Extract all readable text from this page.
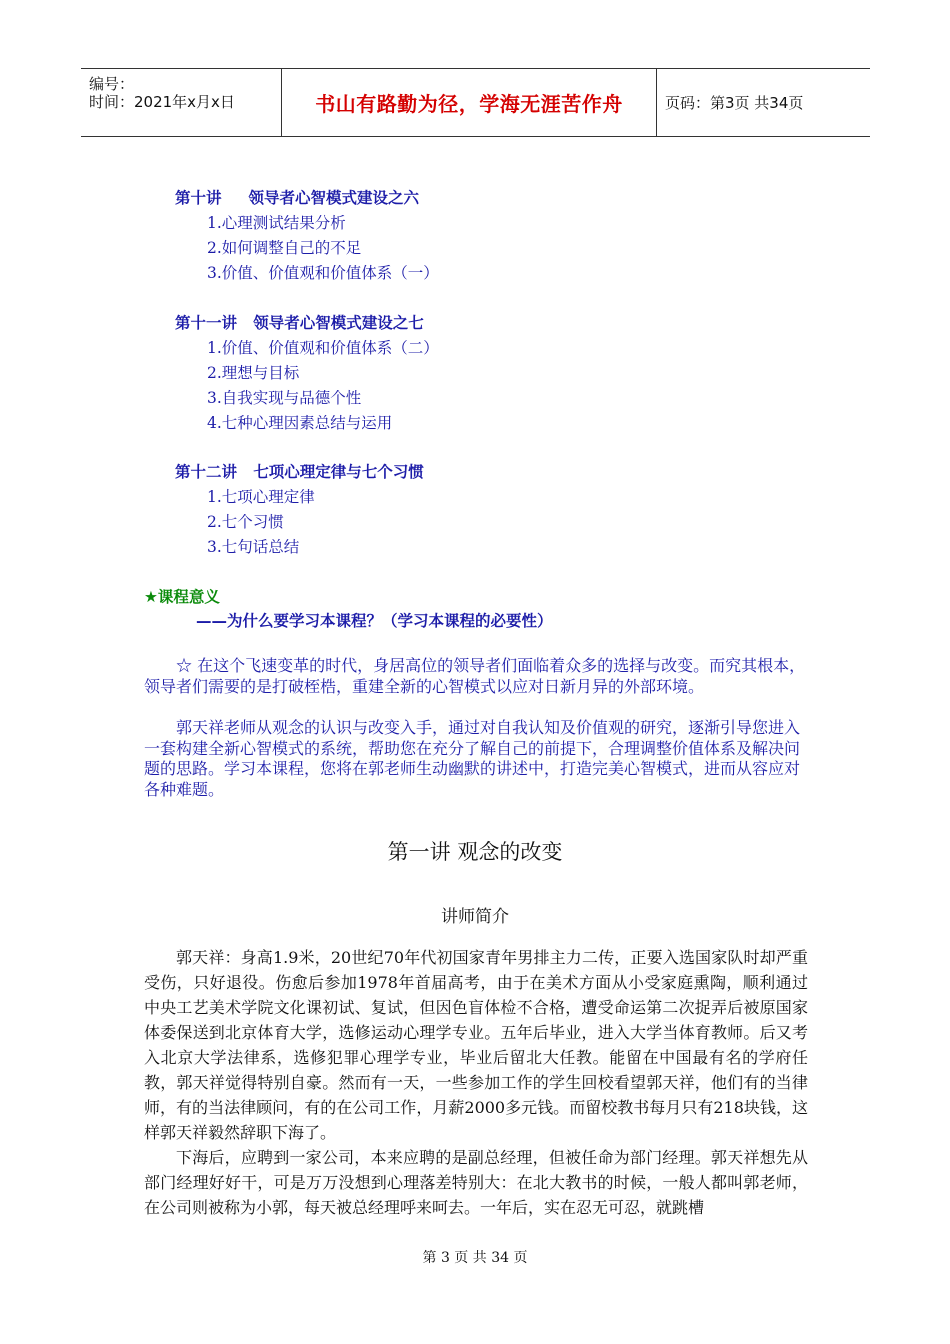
编号：
时间：2021年x月x日	书山有路勤为径，学海无涯苦作舟	页码：第3页 共34页
第十讲     领导者心智模式建设之六
1.心理测试结果分析
2.如何调整自己的不足
3.价值、价值观和价值体系（一）
第十一讲   领导者心智模式建设之七
1.价值、价值观和价值体系（二）
2.理想与目标
3.自我实现与品德个性
4.七种心理因素总结与运用
第十二讲   七项心理定律与七个习惯
1.七项心理定律
2.七个习惯
3.七句话总结
★课程意义
——为什么要学习本课程？（学习本课程的必要性）
☆ 在这个飞速变革的时代，身居高位的领导者们面临着众多的选择与改变。而究其根本，领导者们需要的是打破桎梏，重建全新的心智模式以应对日新月异的外部环境。
郭天祥老师从观念的认识与改变入手，通过对自我认知及价值观的研究，逐渐引导您进入一套构建全新心智模式的系统，帮助您在充分了解自己的前提下，合理调整价值体系及解决问题的思路。学习本课程，您将在郭老师生动幽默的讲述中，打造完美心智模式，进而从容应对各种难题。
第一讲 观念的改变
讲师简介
郭天祥：身高1.9米，20世纪70年代初国家青年男排主力二传，正要入选国家队时却严重受伤，只好退役。伤愈后参加1978年首届高考，由于在美术方面从小受家庭熏陶，顺利通过中央工艺美术学院文化课初试、复试，但因色盲体检不合格，遭受命运第二次捉弄后被原国家体委保送到北京体育大学，选修运动心理学专业。五年后毕业，进入大学当体育教师。后又考入北京大学法律系，选修犯罪心理学专业，毕业后留北大任教。能留在中国最有名的学府任教，郭天祥觉得特别自豪。然而有一天，一些参加工作的学生回校看望郭天祥，他们有的当律师，有的当法律顾问，有的在公司工作，月薪2000多元钱。而留校教书每月只有218块钱，这样郭天祥毅然辞职下海了。
下海后，应聘到一家公司，本来应聘的是副总经理，但被任命为部门经理。郭天祥想先从部门经理好好干，可是万万没想到心理落差特别大：在北大教书的时候，一般人都叫郭老师，在公司则被称为小郭，每天被总经理呼来呵去。一年后，实在忍无可忍，就跳槽
第 3 页 共 34 页
